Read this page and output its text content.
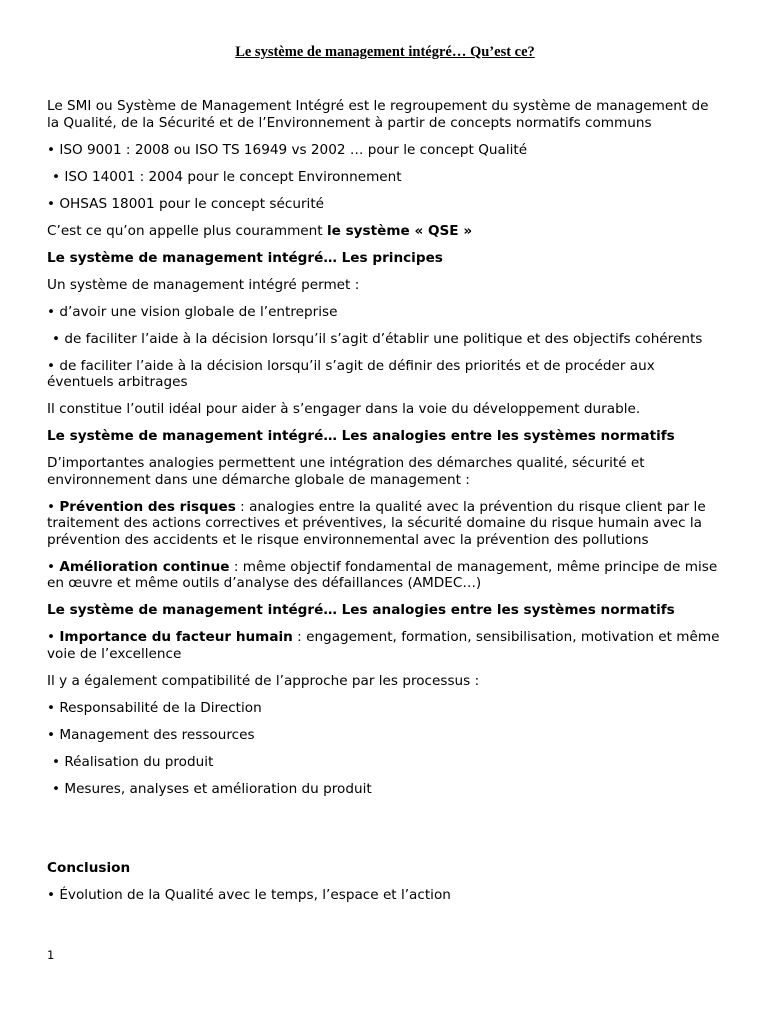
Le système de management intégré… Qu’est ce?

Le SMI ou Système de Management Intégré est le regroupement du système de management de la Qualité, de la Sécurité et de l’Environnement à partir de concepts normatifs communs

• ISO 9001 : 2008 ou ISO TS 16949 vs 2002 … pour le concept Qualité

• ISO 14001 : 2004 pour le concept Environnement

• OHSAS 18001 pour le concept sécurité

C’est ce qu’on appelle plus couramment le système « QSE »

Le système de management intégré… Les principes

Un système de management intégré permet :

• d’avoir une vision globale de l’entreprise

• de faciliter l’aide à la décision lorsqu’il s’agit d’établir une politique et des objectifs cohérents

• de faciliter l’aide à la décision lorsqu’il s’agit de définir des priorités et de procéder aux éventuels arbitrages

Il constitue l’outil idéal pour aider à s’engager dans la voie du développement durable.

Le système de management intégré… Les analogies entre les systèmes normatifs

D’importantes analogies permettent une intégration des démarches qualité, sécurité et environnement dans une démarche globale de management :

• Prévention des risques : analogies entre la qualité avec la prévention du risque client par le traitement des actions correctives et préventives, la sécurité domaine du risque humain avec la prévention des accidents et le risque environnemental avec la prévention des pollutions

• Amélioration continue : même objectif fondamental de management, même principe de mise en œuvre et même outils d’analyse des défaillances (AMDEC…)

Le système de management intégré… Les analogies entre les systèmes normatifs

• Importance du facteur humain : engagement, formation, sensibilisation, motivation et même voie de l’excellence

Il y a également compatibilité de l’approche par les processus :

• Responsabilité de la Direction

• Management des ressources

• Réalisation du produit

• Mesures, analyses et amélioration du produit

Conclusion

• Évolution de la Qualité avec le temps, l’espace et l’action

1
